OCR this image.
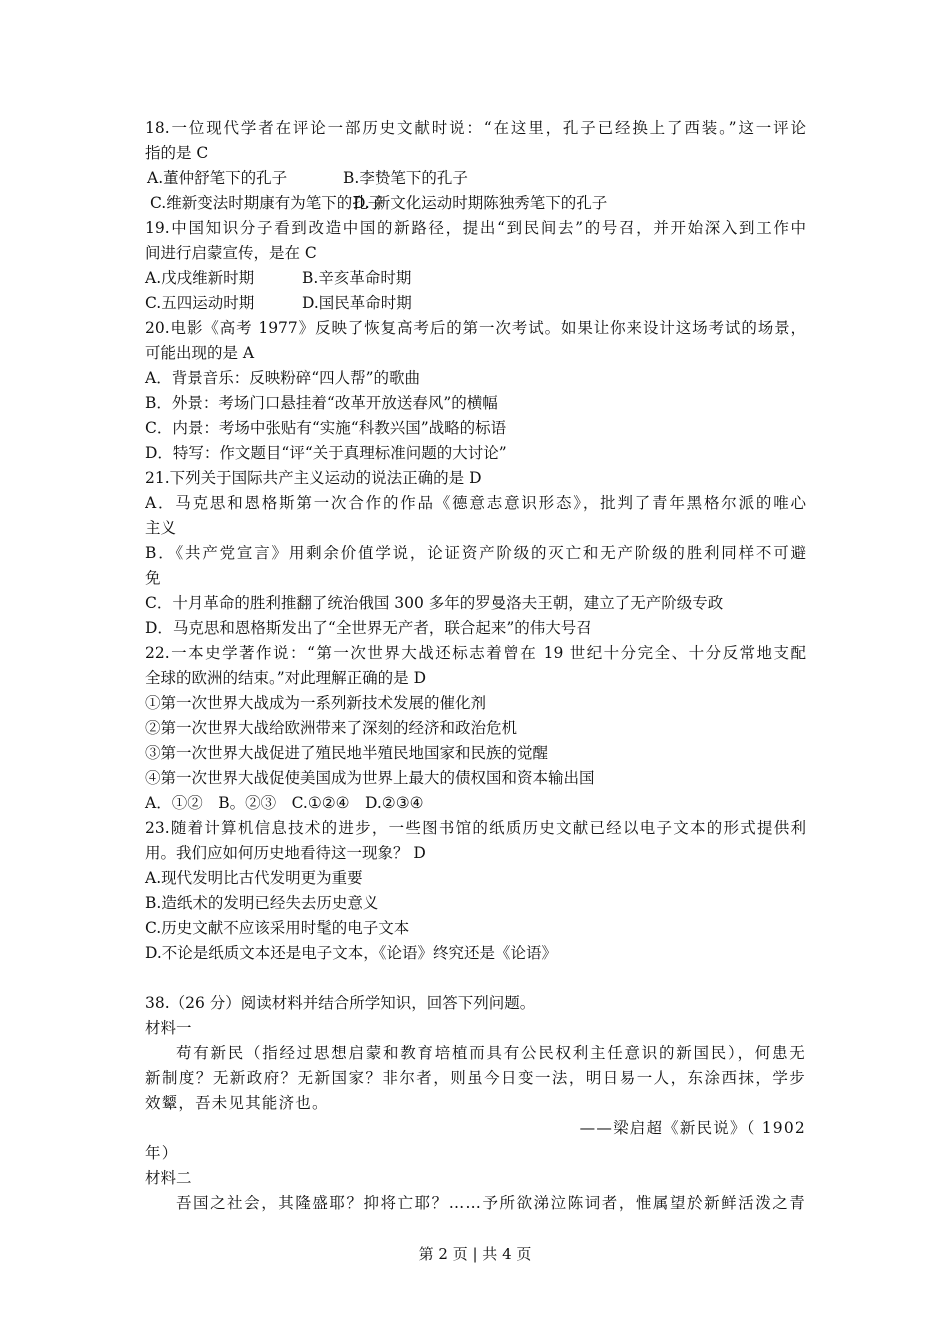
18.一位现代学者在评论一部历史文献时说：“在这里，孔子已经换上了西装。”这一评论
指的是 C
A.董仲舒笔下的孔子	B.李贽笔下的孔子
C.维新变法时期康有为笔下的孔子
D. 新文化运动时期陈独秀笔下的孔子
19.中国知识分子看到改造中国的新路径，提出“到民间去”的号召，并开始深入到工作中
间进行启蒙宣传，是在 C
A.戊戌维新时期	B.辛亥革命时期
C.五四运动时期	D.国民革命时期
20.电影《高考 1977》反映了恢复高考后的第一次考试。如果让你来设计这场考试的场景，
可能出现的是 A
A．背景音乐：反映粉碎“四人帮”的歌曲
B．外景：考场门口悬挂着“改革开放送春风”的横幅
C．内景：考场中张贴有“实施“科教兴国”战略的标语
D．特写：作文题目“评“关于真理标准问题的大讨论”
21.下列关于国际共产主义运动的说法正确的是 D
A．马克思和恩格斯第一次合作的作品《德意志意识形态》，批判了青年黑格尔派的唯心
主义
B．《共产党宣言》用剩余价值学说，论证资产阶级的灭亡和无产阶级的胜利同样不可避
免
C．十月革命的胜利推翻了统治俄国 300 多年的罗曼洛夫王朝，建立了无产阶级专政
D．马克思和恩格斯发出了“全世界无产者，联合起来”的伟大号召
22.一本史学著作说：“第一次世界大战还标志着曾在 19 世纪十分完全、十分反常地支配
全球的欧洲的结束。”对此理解正确的是 D
①第一次世界大战成为一系列新技术发展的催化剂
②第一次世界大战给欧洲带来了深刻的经济和政治危机
③第一次世界大战促进了殖民地半殖民地国家和民族的觉醒
④第一次世界大战促使美国成为世界上最大的债权国和资本输出国
A．①②　B。②③　C.①②④　D.②③④
23.随着计算机信息技术的进步，一些图书馆的纸质历史文献已经以电子文本的形式提供利
用。我们应如何历史地看待这一现象？ D
A.现代发明比古代发明更为重要
B.造纸术的发明已经失去历史意义
C.历史文献不应该采用时髦的电子文本
D.不论是纸质文本还是电子文本，《论语》终究还是《论语》
38.（26 分）阅读材料并结合所学知识，回答下列问题。
材料一
苟有新民（指经过思想启蒙和教育培植而具有公民权利主任意识的新国民），何患无
新制度？无新政府？无新国家？非尔者，则虽今日变一法，明日易一人，东涂西抹，学步
效颦，吾未见其能济也。
——梁启超《新民说》（ 1902
年）
材料二
吾国之社会，其隆盛耶？抑将亡耶？……予所欲涕泣陈词者，惟属望於新鲜活泼之青
第 2 页 | 共 4 页
